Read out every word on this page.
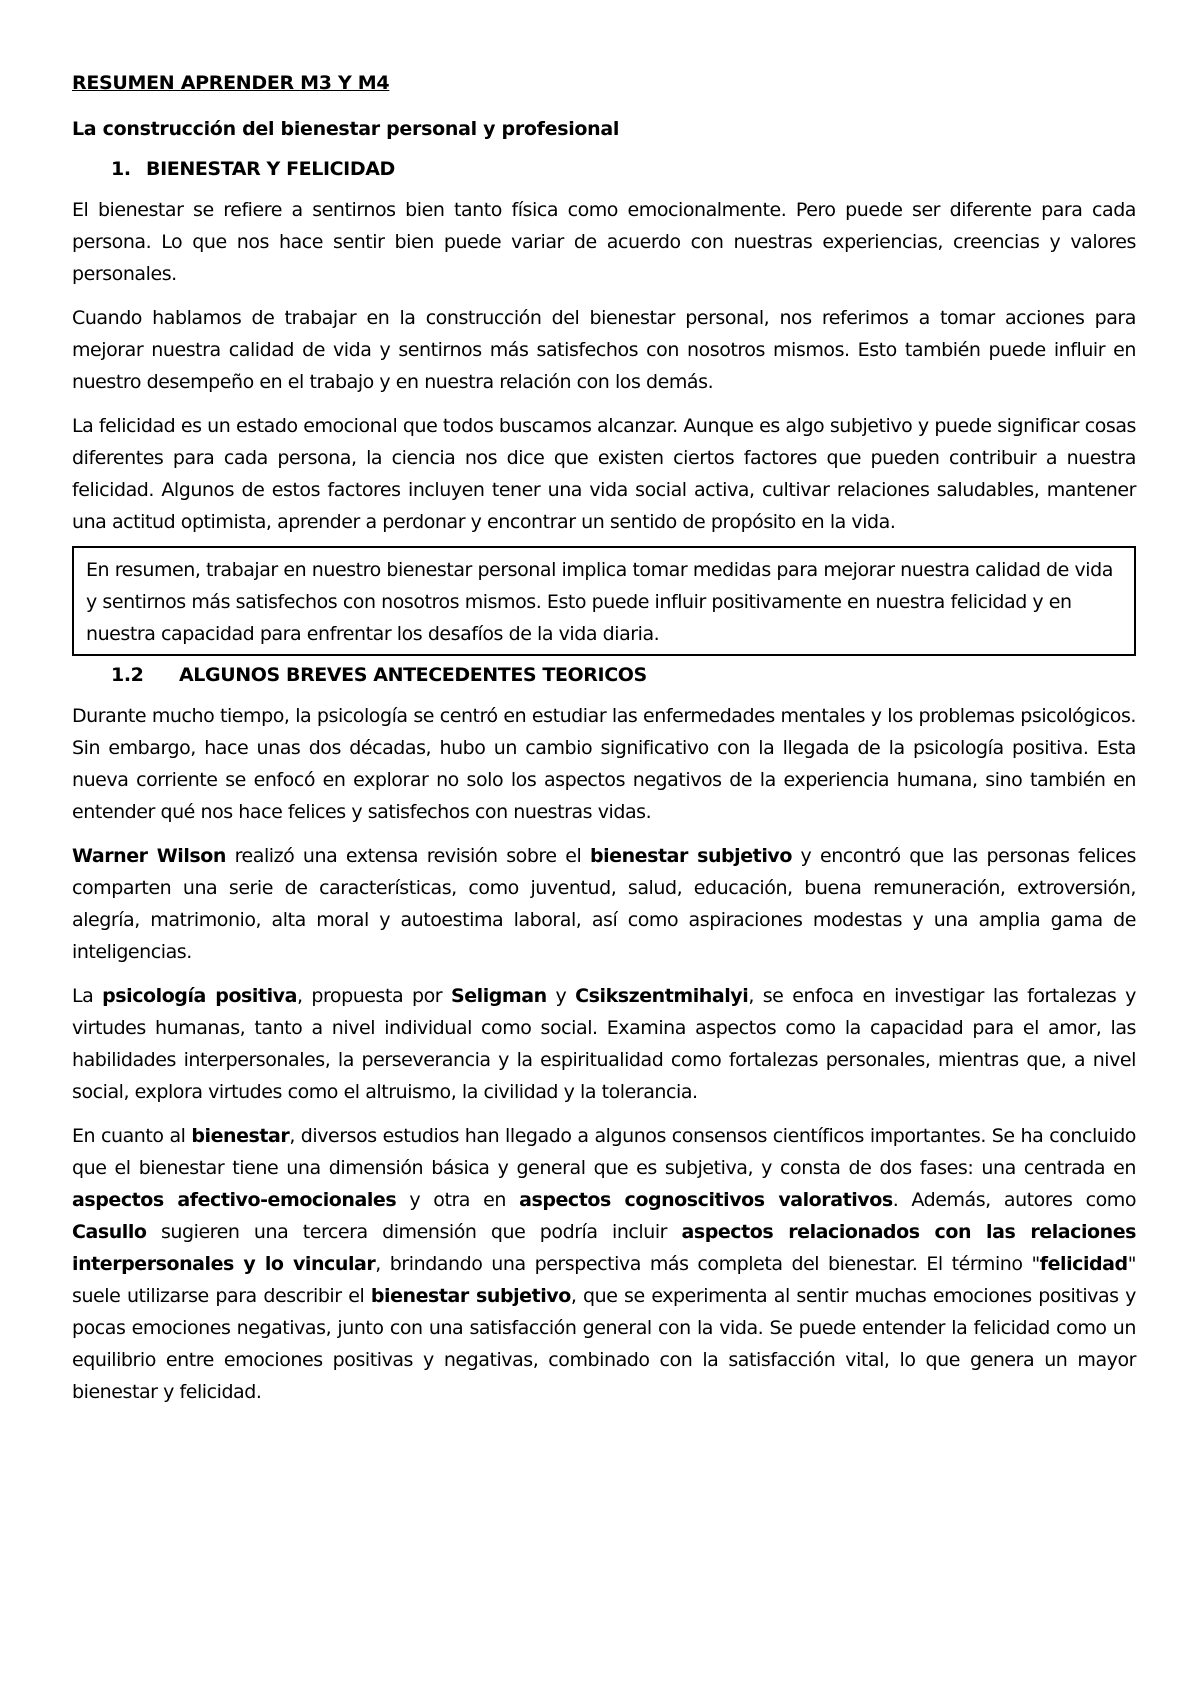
RESUMEN APRENDER M3 Y M4
La construcción del bienestar personal y profesional
1. BIENESTAR Y FELICIDAD

El bienestar se refiere a sentirnos bien tanto física como emocionalmente. Pero puede ser diferente para cada persona. Lo que nos hace sentir bien puede variar de acuerdo con nuestras experiencias, creencias y valores personales.

Cuando hablamos de trabajar en la construcción del bienestar personal, nos referimos a tomar acciones para mejorar nuestra calidad de vida y sentirnos más satisfechos con nosotros mismos. Esto también puede influir en nuestro desempeño en el trabajo y en nuestra relación con los demás.

La felicidad es un estado emocional que todos buscamos alcanzar. Aunque es algo subjetivo y puede significar cosas diferentes para cada persona, la ciencia nos dice que existen ciertos factores que pueden contribuir a nuestra felicidad. Algunos de estos factores incluyen tener una vida social activa, cultivar relaciones saludables, mantener una actitud optimista, aprender a perdonar y encontrar un sentido de propósito en la vida.

En resumen, trabajar en nuestro bienestar personal implica tomar medidas para mejorar nuestra calidad de vida y sentirnos más satisfechos con nosotros mismos. Esto puede influir positivamente en nuestra felicidad y en nuestra capacidad para enfrentar los desafíos de la vida diaria.

1.2	ALGUNOS BREVES ANTECEDENTES TEORICOS

Durante mucho tiempo, la psicología se centró en estudiar las enfermedades mentales y los problemas psicológicos. Sin embargo, hace unas dos décadas, hubo un cambio significativo con la llegada de la psicología positiva. Esta nueva corriente se enfocó en explorar no solo los aspectos negativos de la experiencia humana, sino también en entender qué nos hace felices y satisfechos con nuestras vidas.

Warner Wilson realizó una extensa revisión sobre el bienestar subjetivo y encontró que las personas felices comparten una serie de características, como juventud, salud, educación, buena remuneración, extroversión, alegría, matrimonio, alta moral y autoestima laboral, así como aspiraciones modestas y una amplia gama de inteligencias.

La psicología positiva, propuesta por Seligman y Csikszentmihalyi, se enfoca en investigar las fortalezas y virtudes humanas, tanto a nivel individual como social. Examina aspectos como la capacidad para el amor, las habilidades interpersonales, la perseverancia y la espiritualidad como fortalezas personales, mientras que, a nivel social, explora virtudes como el altruismo, la civilidad y la tolerancia.

En cuanto al bienestar, diversos estudios han llegado a algunos consensos científicos importantes. Se ha concluido que el bienestar tiene una dimensión básica y general que es subjetiva, y consta de dos fases: una centrada en aspectos afectivo-emocionales y otra en aspectos cognoscitivos valorativos. Además, autores como Casullo sugieren una tercera dimensión que podría incluir aspectos relacionados con las relaciones interpersonales y lo vincular, brindando una perspectiva más completa del bienestar. El término "felicidad" suele utilizarse para describir el bienestar subjetivo, que se experimenta al sentir muchas emociones positivas y pocas emociones negativas, junto con una satisfacción general con la vida. Se puede entender la felicidad como un equilibrio entre emociones positivas y negativas, combinado con la satisfacción vital, lo que genera un mayor bienestar y felicidad.
